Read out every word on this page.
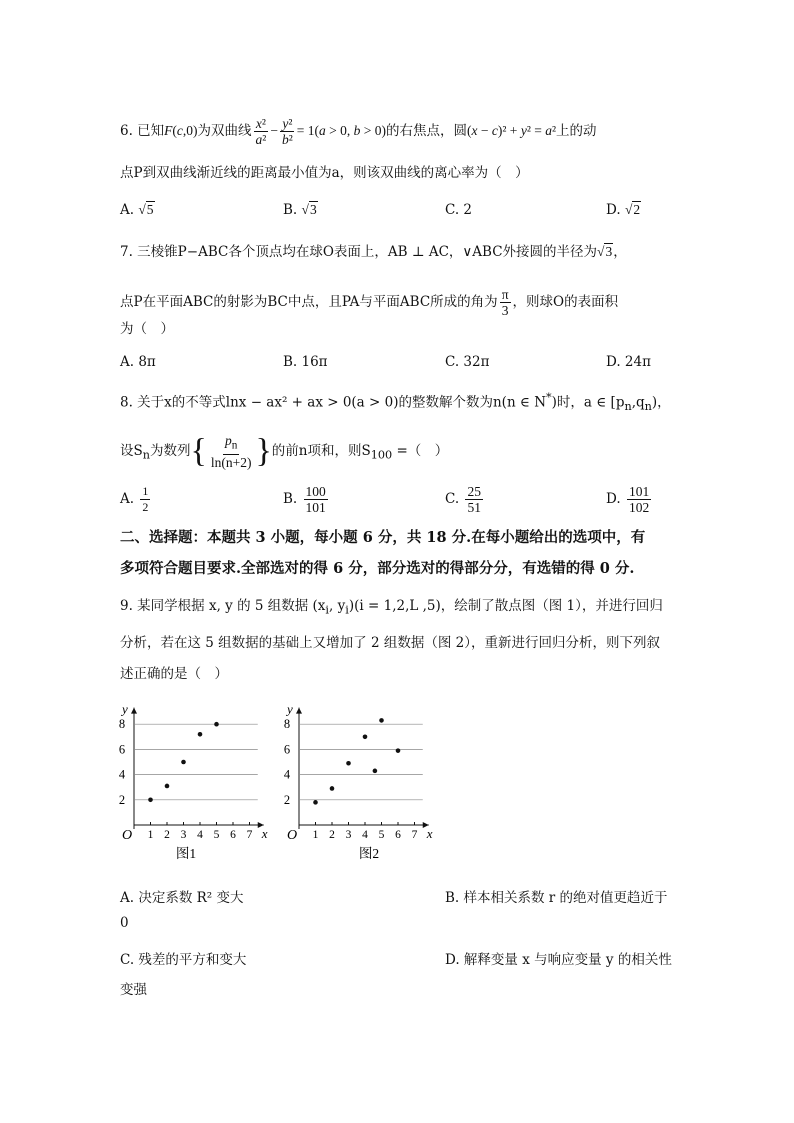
6. 已知F(c,0)为双曲线 $\frac{\text{x²}}{\text{a²}} - \frac{\text{y²}}{\text{b²}} = 1(a > 0$, b > 0)的右焦点，圆(x − c)² + y² = a²上的动
点P到双曲线渐近线的距离最小值为a，则该双曲线的离心率为（　）
A. √5	B. √3	C. 2	D. √2
7. 三棱锥P−ABC各个顶点均在球O表面上，AB ⊥ AC，∨ABC外接圆的半径为√3，
点P在平面ABC的射影为BC中点，且PA与平面ABC所成的角为 $\frac{\pi}{3}$ ，则球O的表面积
为（　）
A. 8π	B. 16π	C. 32π	D. 24π
8. 关于x的不等式lnx − ax² + ax > 0(a > 0)的整数解个数为n(n ∈ N*)时，a ∈ $[p_n,q_n)$，
设$S_n$为数列{ $\frac{p_n}{\ln(n+2)}$ }的前n项和，则$S_{100}$ =（　）
A. $\frac{1}{2}$	B. $\frac{100}{101}$	C. $\frac{25}{51}$	D. $\frac{101}{102}$
二、选择题：本题共 3 小题，每小题 6 分，共 18 分.在每小题给出的选项中，有
多项符合题目要求.全部选对的得 6 分，部分选对的得部分分，有选错的得 0 分.
9. 某同学根据 x, y 的 5 组数据 ($x_i$, $y_i)(i = 1,2,L$ ,5)，绘制了散点图（图 1），并进行回归
分析，若在这 5 组数据的基础上又增加了 2 组数据（图 2），重新进行回归分析，则下列叙
述正确的是（　）
2
4
6
8
1 2 3 4 5 6 7
O	x
y
图1
2
4
6
8
1 2 3 4 5 6 7
O	x
y
图2
A. 决定系数 R² 变大	B. 样本相关系数 r 的绝对值更趋近于
0
C. 残差的平方和变大	D. 解释变量 x 与响应变量 y 的相关性
变强
